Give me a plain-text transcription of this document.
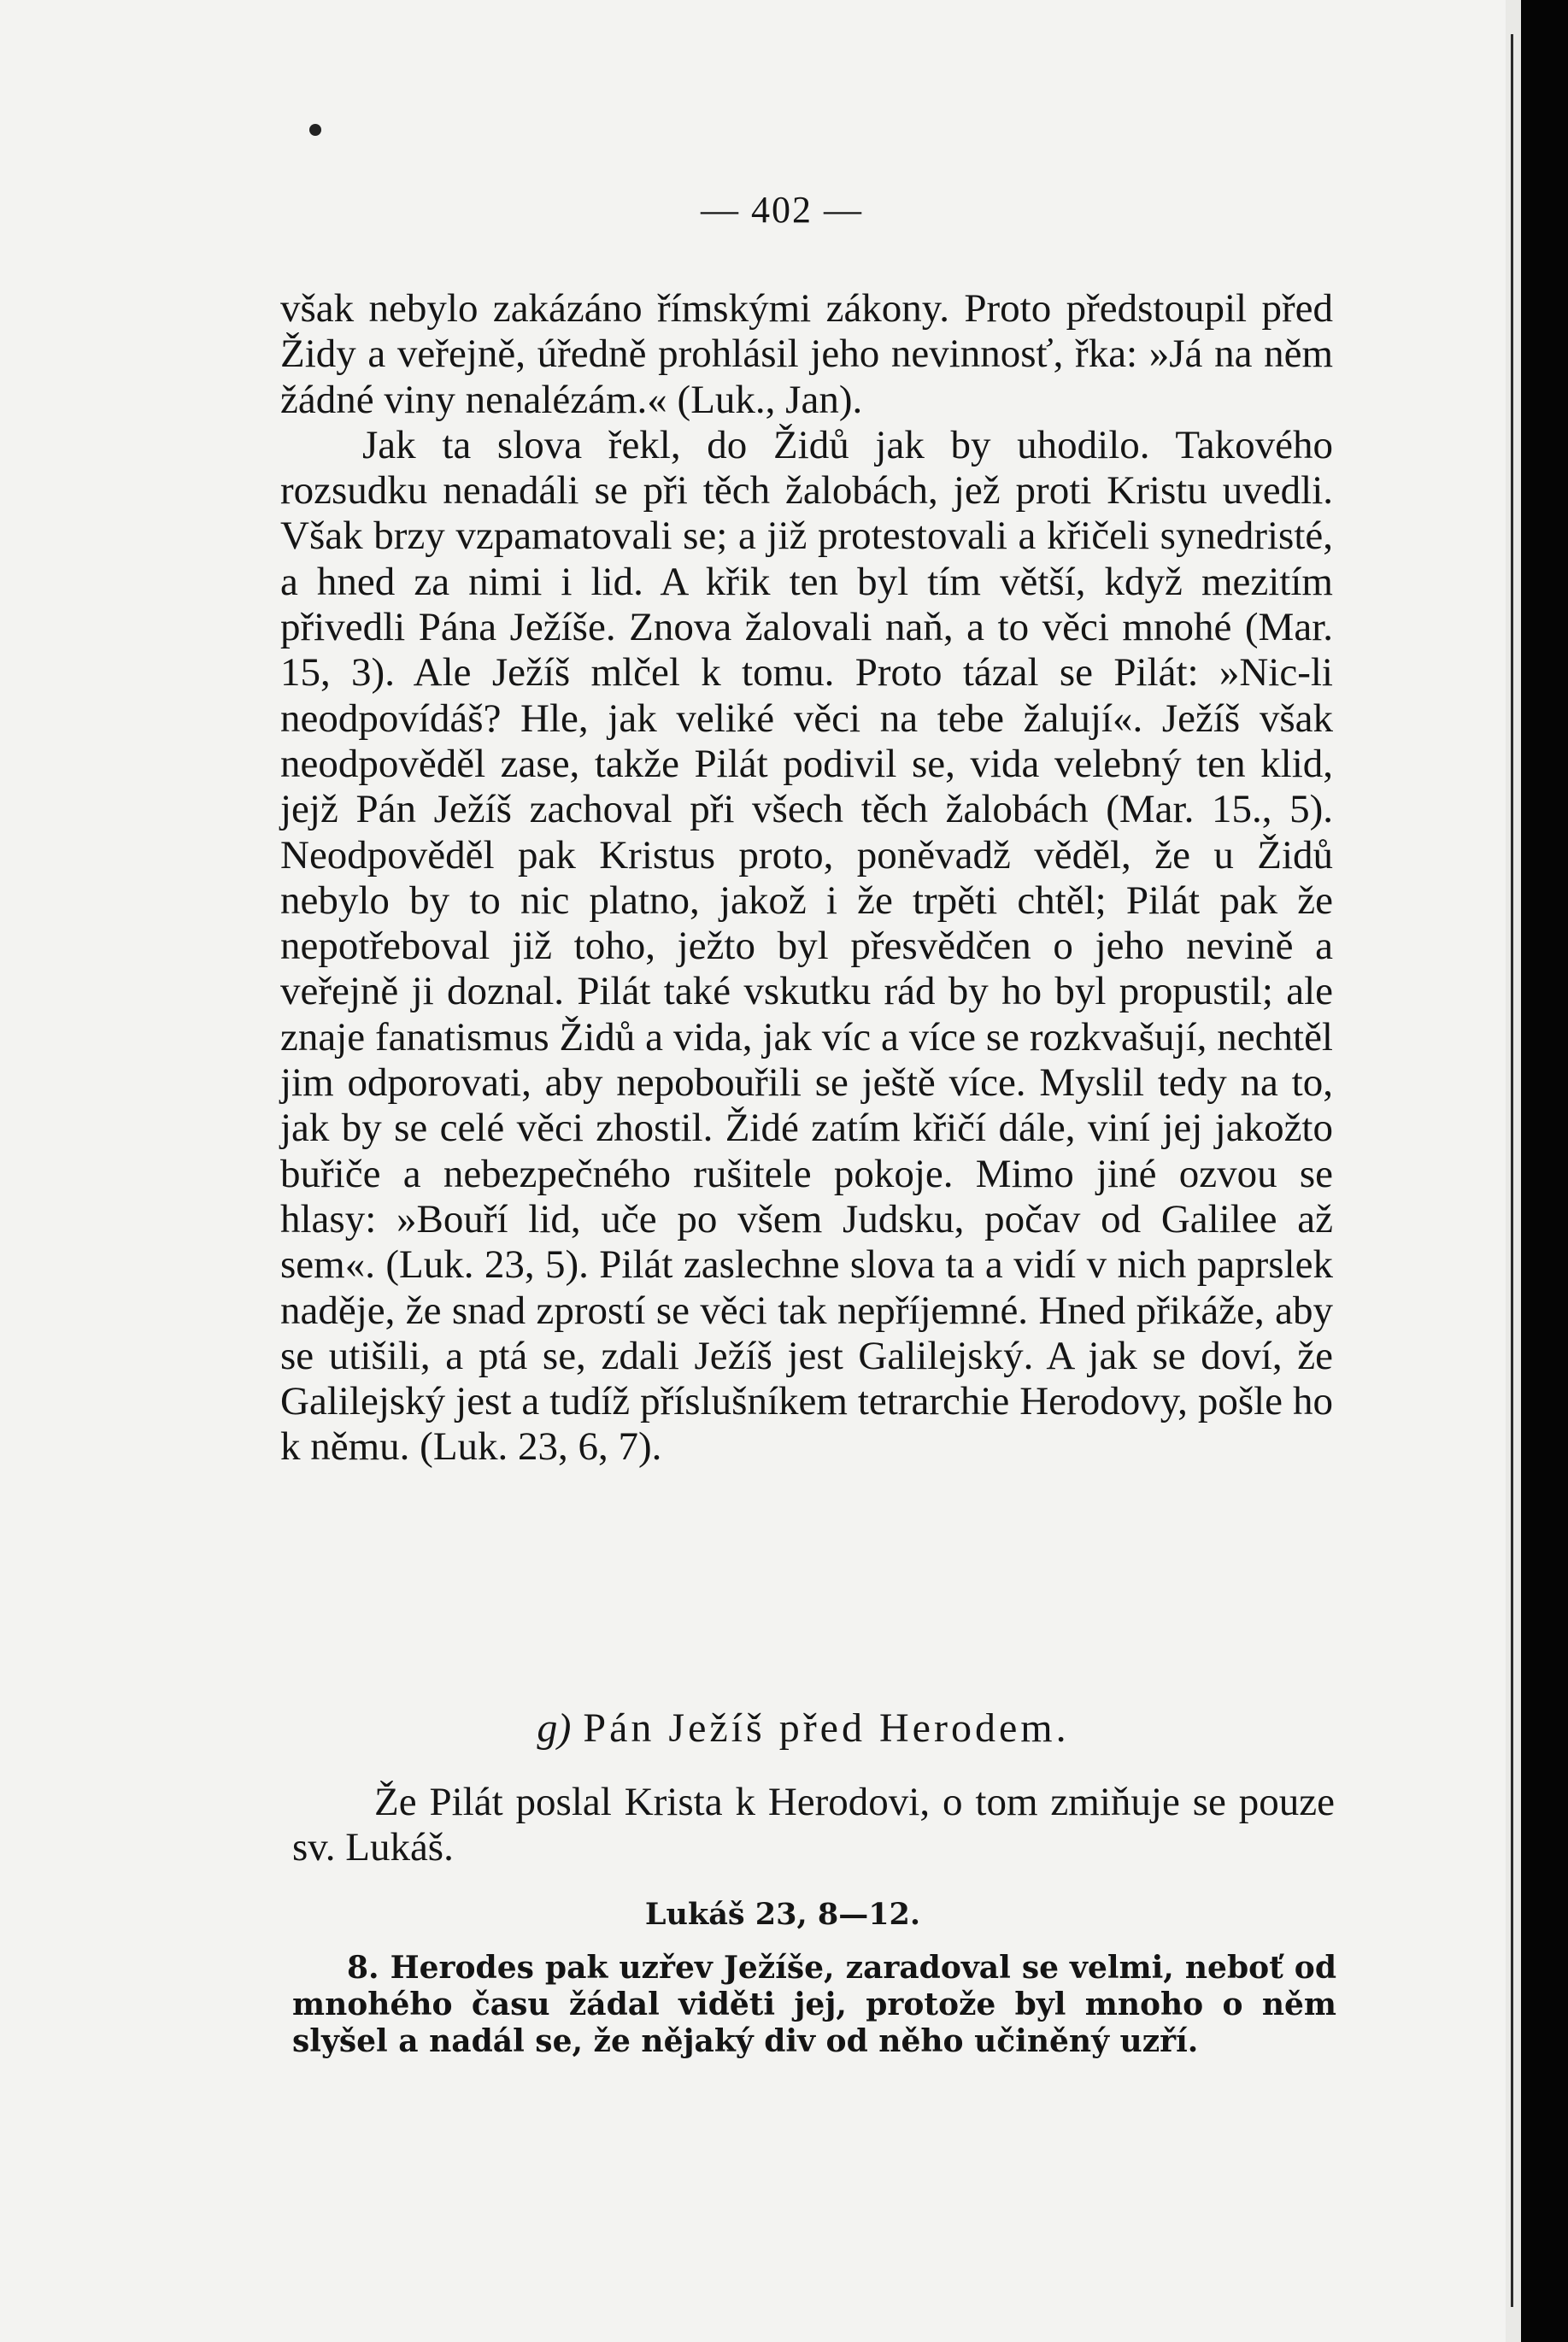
— 402 —

však nebylo zakázáno římskými zákony. Proto předstoupil před Židy a veřejně, úředně prohlásil jeho nevinnosť, řka: »Já na něm žádné viny nenalézám.« (Luk., Jan).

Jak ta slova řekl, do Židů jak by uhodilo. Takového rozsudku nenadáli se při těch žalobách, jež proti Kristu uvedli. Však brzy vzpamatovali se; a již protestovali a křičeli synedristé, a hned za nimi i lid. A křik ten byl tím větší, když mezitím přivedli Pána Ježíše. Znova žalovali naň, a to věci mnohé (Mar. 15, 3). Ale Ježíš mlčel k tomu. Proto tázal se Pilát: »Nic-li neodpovídáš? Hle, jak veliké věci na tebe žalují«. Ježíš však neodpověděl zase, takže Pilát podivil se, vida velebný ten klid, jejž Pán Ježíš zachoval při všech těch žalobách (Mar. 15., 5). Neodpověděl pak Kristus proto, poněvadž věděl, že u Židů nebylo by to nic platno, jakož i že trpěti chtěl; Pilát pak že nepotřeboval již toho, ježto byl přesvědčen o jeho nevině a veřejně ji doznal. Pilát také vskutku rád by ho byl propustil; ale znaje fanatismus Židů a vida, jak víc a více se rozkvašují, nechtěl jim odporovati, aby nepobouřili se ještě více. Myslil tedy na to, jak by se celé věci zhostil. Židé zatím křičí dále, viní jej jakožto buřiče a nebezpečného rušitele pokoje. Mimo jiné ozvou se hlasy: »Bouří lid, uče po všem Judsku, počav od Galilee až sem«. (Luk. 23, 5). Pilát zaslechne slova ta a vidí v nich paprslek naděje, že snad zprostí se věci tak nepříjemné. Hned přikáže, aby se utišili, a ptá se, zdali Ježíš jest Galilejský. A jak se doví, že Galilejský jest a tudíž příslušníkem tetrarchie Herodovy, pošle ho k němu. (Luk. 23, 6, 7).

g) Pán Ježíš před Herodem.

Že Pilát poslal Krista k Herodovi, o tom zmiňuje se pouze sv. Lukáš.

Lukáš 23, 8—12.

8. Herodes pak uzřev Ježíše, zaradoval se velmi, neboť od mnohého času žádal viděti jej, protože byl mnoho o něm slyšel a nadál se, že nějaký div od něho učiněný uzří.
